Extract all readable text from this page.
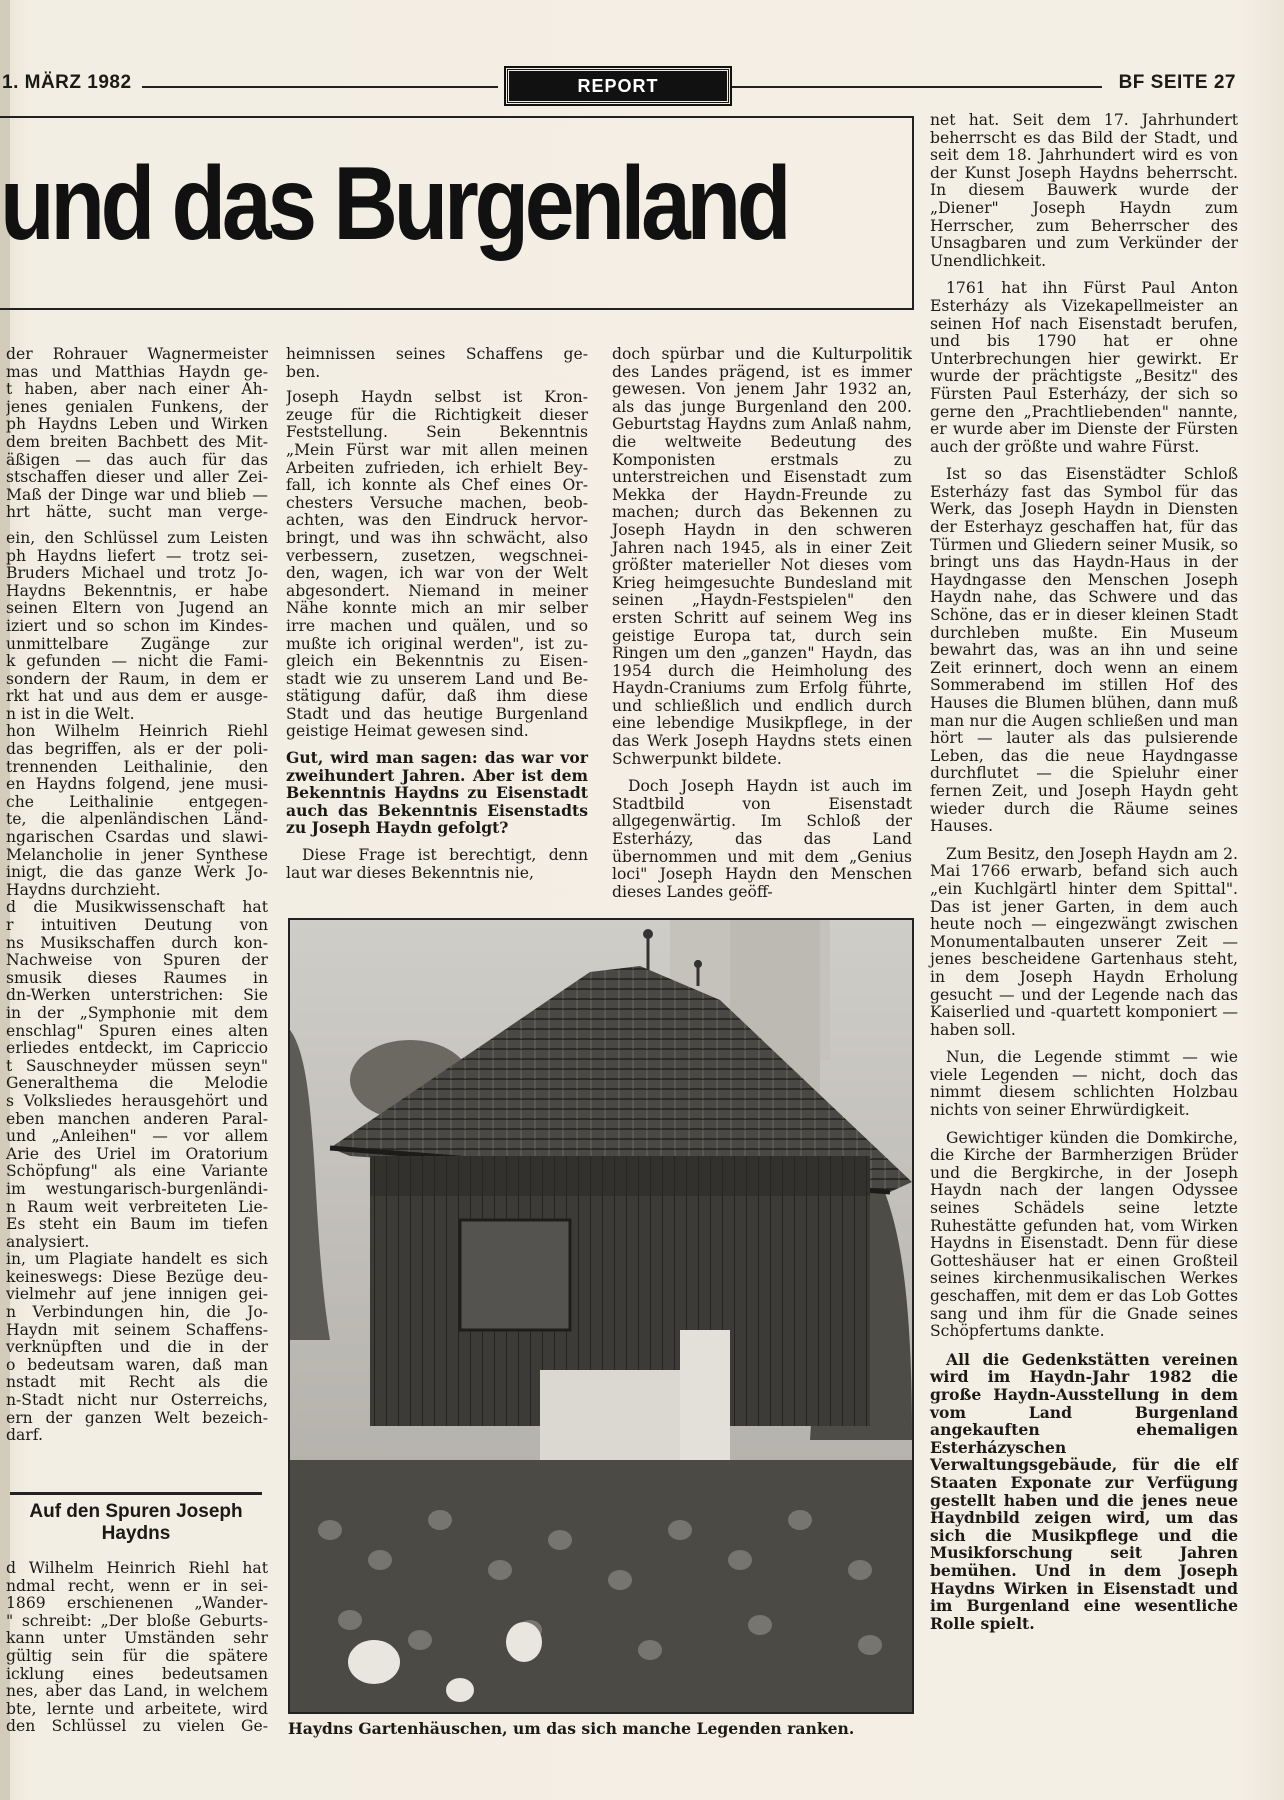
1. MÄRZ 1982	REPORT	BF SEITE 27
und das Burgenland
der Rohrauer Wagnermeister
mas und Matthias Haydn ge-
t haben, aber nach einer Ah-
jenes genialen Funkens, der
ph Haydns Leben und Wirken
dem breiten Bachbett des Mit-
äßigen — das auch für das
stschaffen dieser und aller Zei-
Maß der Dinge war und blieb —
hrt hätte, sucht man verge-
ein, den Schlüssel zum Leisten
ph Haydns liefert — trotz sei-
Bruders Michael und trotz Jo-
Haydns Bekenntnis, er habe
seinen Eltern von Jugend an
iziert und so schon im Kindes-
unmittelbare Zugänge zur
k gefunden — nicht die Fami-
sondern der Raum, in dem er
rkt hat und aus dem er ausge-
n ist in die Welt.
hon Wilhelm Heinrich Riehl
das begriffen, als er der poli-
trennenden Leithalinie, den
en Haydns folgend, jene musi-
che Leithalinie entgegen-
te, die alpenländischen Länd-
ngarischen Csardas und slawi-
Melancholie in jener Synthese
inigt, die das ganze Werk Jo-
Haydns durchzieht.
d die Musikwissenschaft hat
r intuitiven Deutung von
ns Musikschaffen durch kon-
Nachweise von Spuren der
smusik dieses Raumes in
dn-Werken unterstrichen: Sie
in der „Symphonie mit dem
enschlag" Spuren eines alten
erliedes entdeckt, im Capriccio
t Sauschneyder müssen seyn"
Generalthema die Melodie
s Volksliedes herausgehört und
eben manchen anderen Paral-
und „Anleihen" — vor allem
Arie des Uriel im Oratorium
Schöpfung" als eine Variante
im westungarisch-burgenländi-
n Raum weit verbreiteten Lie-
Es steht ein Baum im tiefen
analysiert.
in, um Plagiate handelt es sich
keineswegs: Diese Bezüge deu-
vielmehr auf jene innigen gei-
n Verbindungen hin, die Jo-
Haydn mit seinem Schaffens-
verknüpften und die in der
o bedeutsam waren, daß man
nstadt mit Recht als die
n-Stadt nicht nur Österreichs,
ern der ganzen Welt bezeich-
darf.
Auf den Spuren Joseph Haydns
d Wilhelm Heinrich Riehl hat
ndmal recht, wenn er in sei-
1869 erschienenen „Wander-
" schreibt: „Der bloße Geburts-
kann unter Umständen sehr
gültig sein für die spätere
icklung eines bedeutsamen
nes, aber das Land, in welchem
bte, lernte und arbeitete, wird
den Schlüssel zu vielen Ge-
heimnissen seines Schaffens ge-
ben.
Joseph Haydn selbst ist Kron-
zeuge für die Richtigkeit dieser
Feststellung. Sein Bekenntnis
„Mein Fürst war mit allen meinen
Arbeiten zufrieden, ich erhielt Bey-
fall, ich konnte als Chef eines Or-
chesters Versuche machen, beob-
achten, was den Eindruck hervor-
bringt, und was ihn schwächt, also
verbessern, zusetzen, wegschnei-
den, wagen, ich war von der Welt
abgesondert. Niemand in meiner
Nähe konnte mich an mir selber
irre machen und quälen, und so
mußte ich original werden", ist zu-
gleich ein Bekenntnis zu Eisen-
stadt wie zu unserem Land und Be-
stätigung dafür, daß ihm diese
Stadt und das heutige Burgenland
geistige Heimat gewesen sind.

Gut, wird man sagen: das war vor zweihundert Jahren. Aber ist dem Bekenntnis Haydns zu Eisenstadt auch das Bekenntnis Eisenstadts zu Joseph Haydn gefolgt?

Diese Frage ist berechtigt, denn laut war dieses Bekenntnis nie,

doch spürbar und die Kulturpolitik des Landes prägend, ist es immer gewesen. Von jenem Jahr 1932 an, als das junge Burgenland den 200. Geburtstag Haydns zum Anlaß nahm, die weltweite Bedeutung des Komponisten erstmals zu unterstreichen und Eisenstadt zum Mekka der Haydn-Freunde zu machen; durch das Bekennen zu Joseph Haydn in den schweren Jahren nach 1945, als in einer Zeit größter materieller Not dieses vom Krieg heimgesuchte Bundesland mit seinen „Haydn-Festspielen" den ersten Schritt auf seinem Weg ins geistige Europa tat, durch sein Ringen um den „ganzen" Haydn, das 1954 durch die Heimholung des Haydn-Craniums zum Erfolg führte, und schließlich und endlich durch eine lebendige Musikpflege, in der das Werk Joseph Haydns stets einen Schwerpunkt bildete.

Doch Joseph Haydn ist auch im Stadtbild von Eisenstadt allgegenwärtig. Im Schloß der Esterházy, das das Land übernommen und mit dem „Genius loci" Joseph Haydn den Menschen dieses Landes geöff-

net hat. Seit dem 17. Jahrhundert beherrscht es das Bild der Stadt, und seit dem 18. Jahrhundert wird es von der Kunst Joseph Haydns beherrscht. In diesem Bauwerk wurde der „Diener" Joseph Haydn zum Herrscher, zum Beherrscher des Unsagbaren und zum Verkünder der Unendlichkeit.

1761 hat ihn Fürst Paul Anton Esterházy als Vizekapellmeister an seinen Hof nach Eisenstadt berufen, und bis 1790 hat er ohne Unterbrechungen hier gewirkt. Er wurde der prächtigste „Besitz" des Fürsten Paul Esterházy, der sich so gerne den „Prachtliebenden" nannte, er wurde aber im Dienste der Fürsten auch der größte und wahre Fürst.

Ist so das Eisenstädter Schloß Esterházy fast das Symbol für das Werk, das Joseph Haydn in Diensten der Esterhayz geschaffen hat, für das Türmen und Gliedern seiner Musik, so bringt uns das Haydn-Haus in der Haydngasse den Menschen Joseph Haydn nahe, das Schwere und das Schöne, das er in dieser kleinen Stadt durchleben mußte. Ein Museum bewahrt das, was an ihn und seine Zeit erinnert, doch wenn an einem Sommerabend im stillen Hof des Hauses die Blumen blühen, dann muß man nur die Augen schließen und man hört — lauter als das pulsierende Leben, das die neue Haydngasse durchflutet — die Spieluhr einer fernen Zeit, und Joseph Haydn geht wieder durch die Räume seines Hauses.

Zum Besitz, den Joseph Haydn am 2. Mai 1766 erwarb, befand sich auch „ein Kuchlgärtl hinter dem Spittal". Das ist jener Garten, in dem auch heute noch — eingezwängt zwischen Monumentalbauten unserer Zeit — jenes bescheidene Gartenhaus steht, in dem Joseph Haydn Erholung gesucht — und der Legende nach das Kaiserlied und -quartett komponiert — haben soll.

Nun, die Legende stimmt — wie viele Legenden — nicht, doch das nimmt diesem schlichten Holzbau nichts von seiner Ehrwürdigkeit.

Gewichtiger künden die Domkirche, die Kirche der Barmherzigen Brüder und die Bergkirche, in der Joseph Haydn nach der langen Odyssee seines Schädels seine letzte Ruhestätte gefunden hat, vom Wirken Haydns in Eisenstadt. Denn für diese Gotteshäuser hat er einen Großteil seines kirchenmusikalischen Werkes geschaffen, mit dem er das Lob Gottes sang und ihm für die Gnade seines Schöpfertums dankte.

All die Gedenkstätten vereinen wird im Haydn-Jahr 1982 die große Haydn-Ausstellung in dem vom Land Burgenland angekauften ehemaligen Esterházyschen Verwaltungsgebäude, für die elf Staaten Exponate zur Verfügung gestellt haben und die jenes neue Haydnbild zeigen wird, um das sich die Musikpflege und die Musikforschung seit Jahren bemühen. Und in dem Joseph Haydns Wirken in Eisenstadt und im Burgenland eine wesentliche Rolle spielt.

Haydns Gartenhäuschen, um das sich manche Legenden ranken.
